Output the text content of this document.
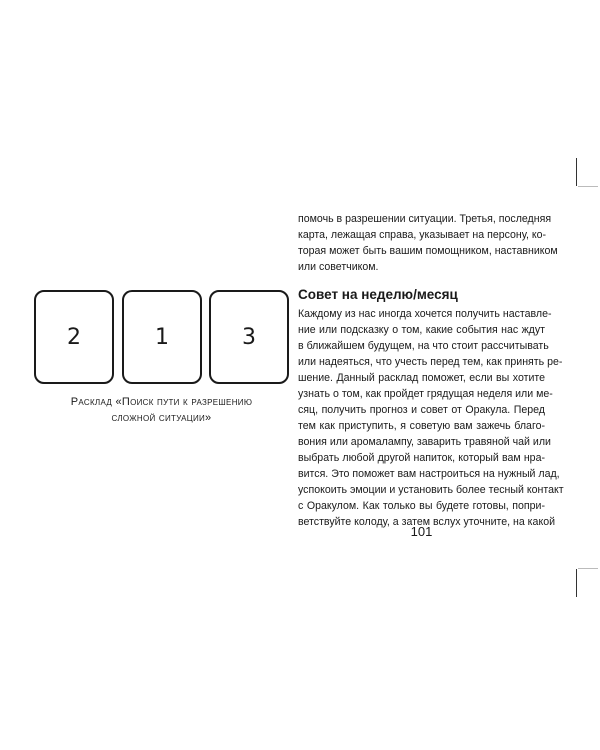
2	1	3
Расклад «Поиск пути к разрешению
сложной ситуации»
помочь в разрешении ситуации. Третья, последняя
карта, лежащая справа, указывает на персону, ко-
торая может быть вашим помощником, наставником
или советчиком.
Совет на неделю/месяц
Каждому из нас иногда хочется получить наставле-
ние или подсказку о том, какие события нас ждут
в ближайшем будущем, на что стоит рассчитывать
или надеяться, что учесть перед тем, как принять ре-
шение. Данный расклад поможет, если вы хотите
узнать о том, как пройдет грядущая неделя или ме-
сяц, получить прогноз и совет от Оракула. Перед
тем как приступить, я советую вам зажечь благо-
вония или аромалампу, заварить травяной чай или
выбрать любой другой напиток, который вам нра-
вится. Это поможет вам настроиться на нужный лад,
успокоить эмоции и установить более тесный контакт
с Оракулом. Как только вы будете готовы, попри-
ветствуйте колоду, а затем вслух уточните, на какой
101
